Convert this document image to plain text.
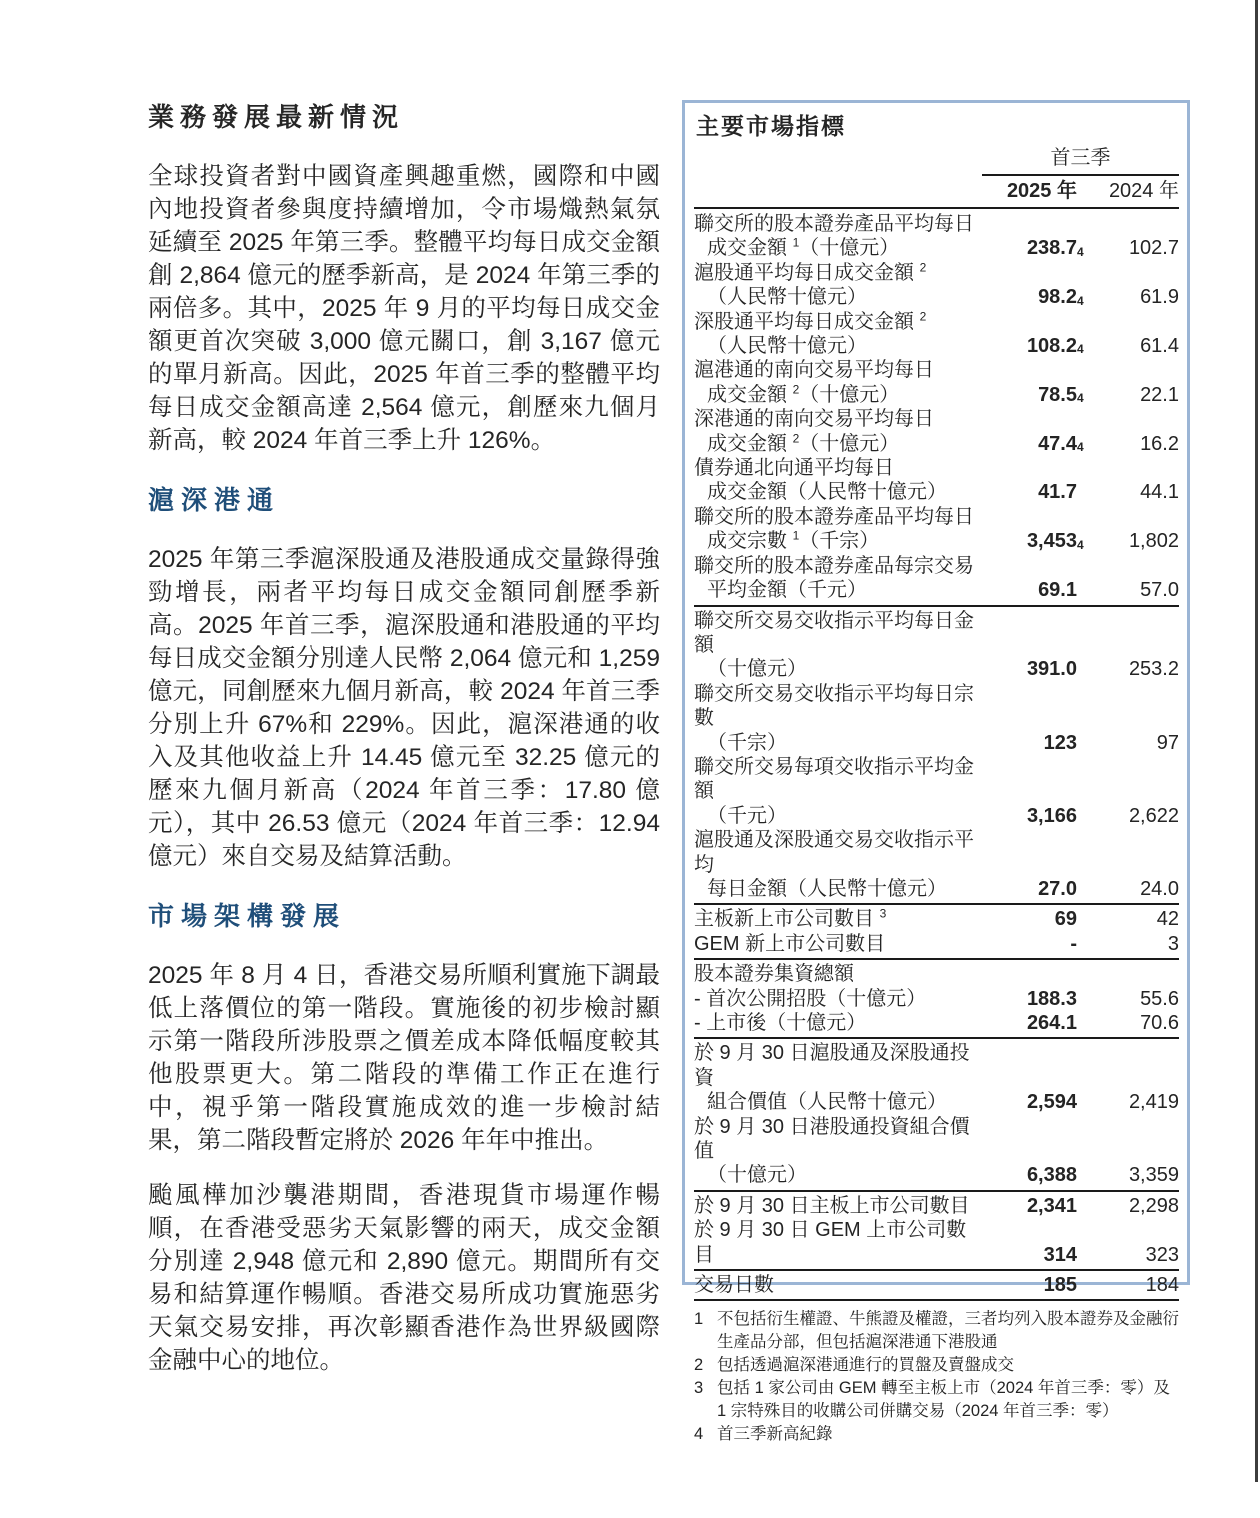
業務發展最新情況

全球投資者對中國資產興趣重燃，國際和中國內地投資者參與度持續增加，令市場熾熱氣氛延續至 2025 年第三季。整體平均每日成交金額創 2,864 億元的歷季新高，是 2024 年第三季的兩倍多。其中，2025 年 9 月的平均每日成交金額更首次突破 3,000 億元關口，創 3,167 億元的單月新高。因此，2025 年首三季的整體平均每日成交金額高達 2,564 億元，創歷來九個月新高，較 2024 年首三季上升 126%。

滬深港通

2025 年第三季滬深股通及港股通成交量錄得強勁增長，兩者平均每日成交金額同創歷季新高。2025 年首三季，滬深股通和港股通的平均每日成交金額分別達人民幣 2,064 億元和 1,259 億元，同創歷來九個月新高，較 2024 年首三季分別上升 67%和 229%。因此，滬深港通的收入及其他收益上升 14.45 億元至 32.25 億元的歷來九個月新高（2024 年首三季：17.80 億元），其中 26.53 億元（2024 年首三季：12.94 億元）來自交易及結算活動。

市場架構發展

2025 年 8 月 4 日，香港交易所順利實施下調最低上落價位的第一階段。實施後的初步檢討顯示第一階段所涉股票之價差成本降低幅度較其他股票更大。第二階段的準備工作正在進行中，視乎第一階段實施成效的進一步檢討結果，第二階段暫定將於 2026 年年中推出。

颱風樺加沙襲港期間，香港現貨市場運作暢順，在香港受惡劣天氣影響的兩天，成交金額分別達 2,948 億元和 2,890 億元。期間所有交易和結算運作暢順。香港交易所成功實施惡劣天氣交易安排，再次彰顯香港作為世界級國際金融中心的地位。

主要市場指標
首三季
2025 年	2024 年
聯交所的股本證券產品平均每日
成交金額 $^1$（十億元）	238.7 4	102.7
滬股通平均每日成交金額 $^2$
（人民幣十億元）	98.2 4	61.9
深股通平均每日成交金額 $^2$
（人民幣十億元）	108.2 4	61.4
滬港通的南向交易平均每日
成交金額 $^2$（十億元）	78.5 4	22.1
深港通的南向交易平均每日
成交金額 $^2$（十億元）	47.4 4	16.2
債券通北向通平均每日
成交金額（人民幣十億元）	41.7	44.1
聯交所的股本證券產品平均每日
成交宗數 $^1$（千宗）	3,453 4	1,802
聯交所的股本證券產品每宗交易
平均金額（千元）	69.1	57.0
聯交所交易交收指示平均每日金額
（十億元）	391.0	253.2
聯交所交易交收指示平均每日宗數
（千宗）	123	97
聯交所交易每項交收指示平均金額
（千元）	3,166	2,622
滬股通及深股通交易交收指示平均
每日金額（人民幣十億元）	27.0	24.0
主板新上市公司數目 $^3$	69	42
GEM 新上市公司數目	-	3
股本證券集資總額
- 首次公開招股（十億元）	188.3	55.6
- 上市後（十億元）	264.1	70.6
於 9 月 30 日滬股通及深股通投資
組合價值（人民幣十億元）	2,594	2,419
於 9 月 30 日港股通投資組合價值
（十億元）	6,388	3,359
於 9 月 30 日主板上市公司數目	2,341	2,298
於 9 月 30 日 GEM 上市公司數目	314	323
交易日數	185	184
1 不包括衍生權證、牛熊證及權證，三者均列入股本證券及金融衍生產品分部，但包括滬深港通下港股通
2 包括透過滬深港通進行的買盤及賣盤成交
3 包括 1 家公司由 GEM 轉至主板上市（2024 年首三季：零）及 1 宗特殊目的收購公司併購交易（2024 年首三季：零）
4 首三季新高紀錄
